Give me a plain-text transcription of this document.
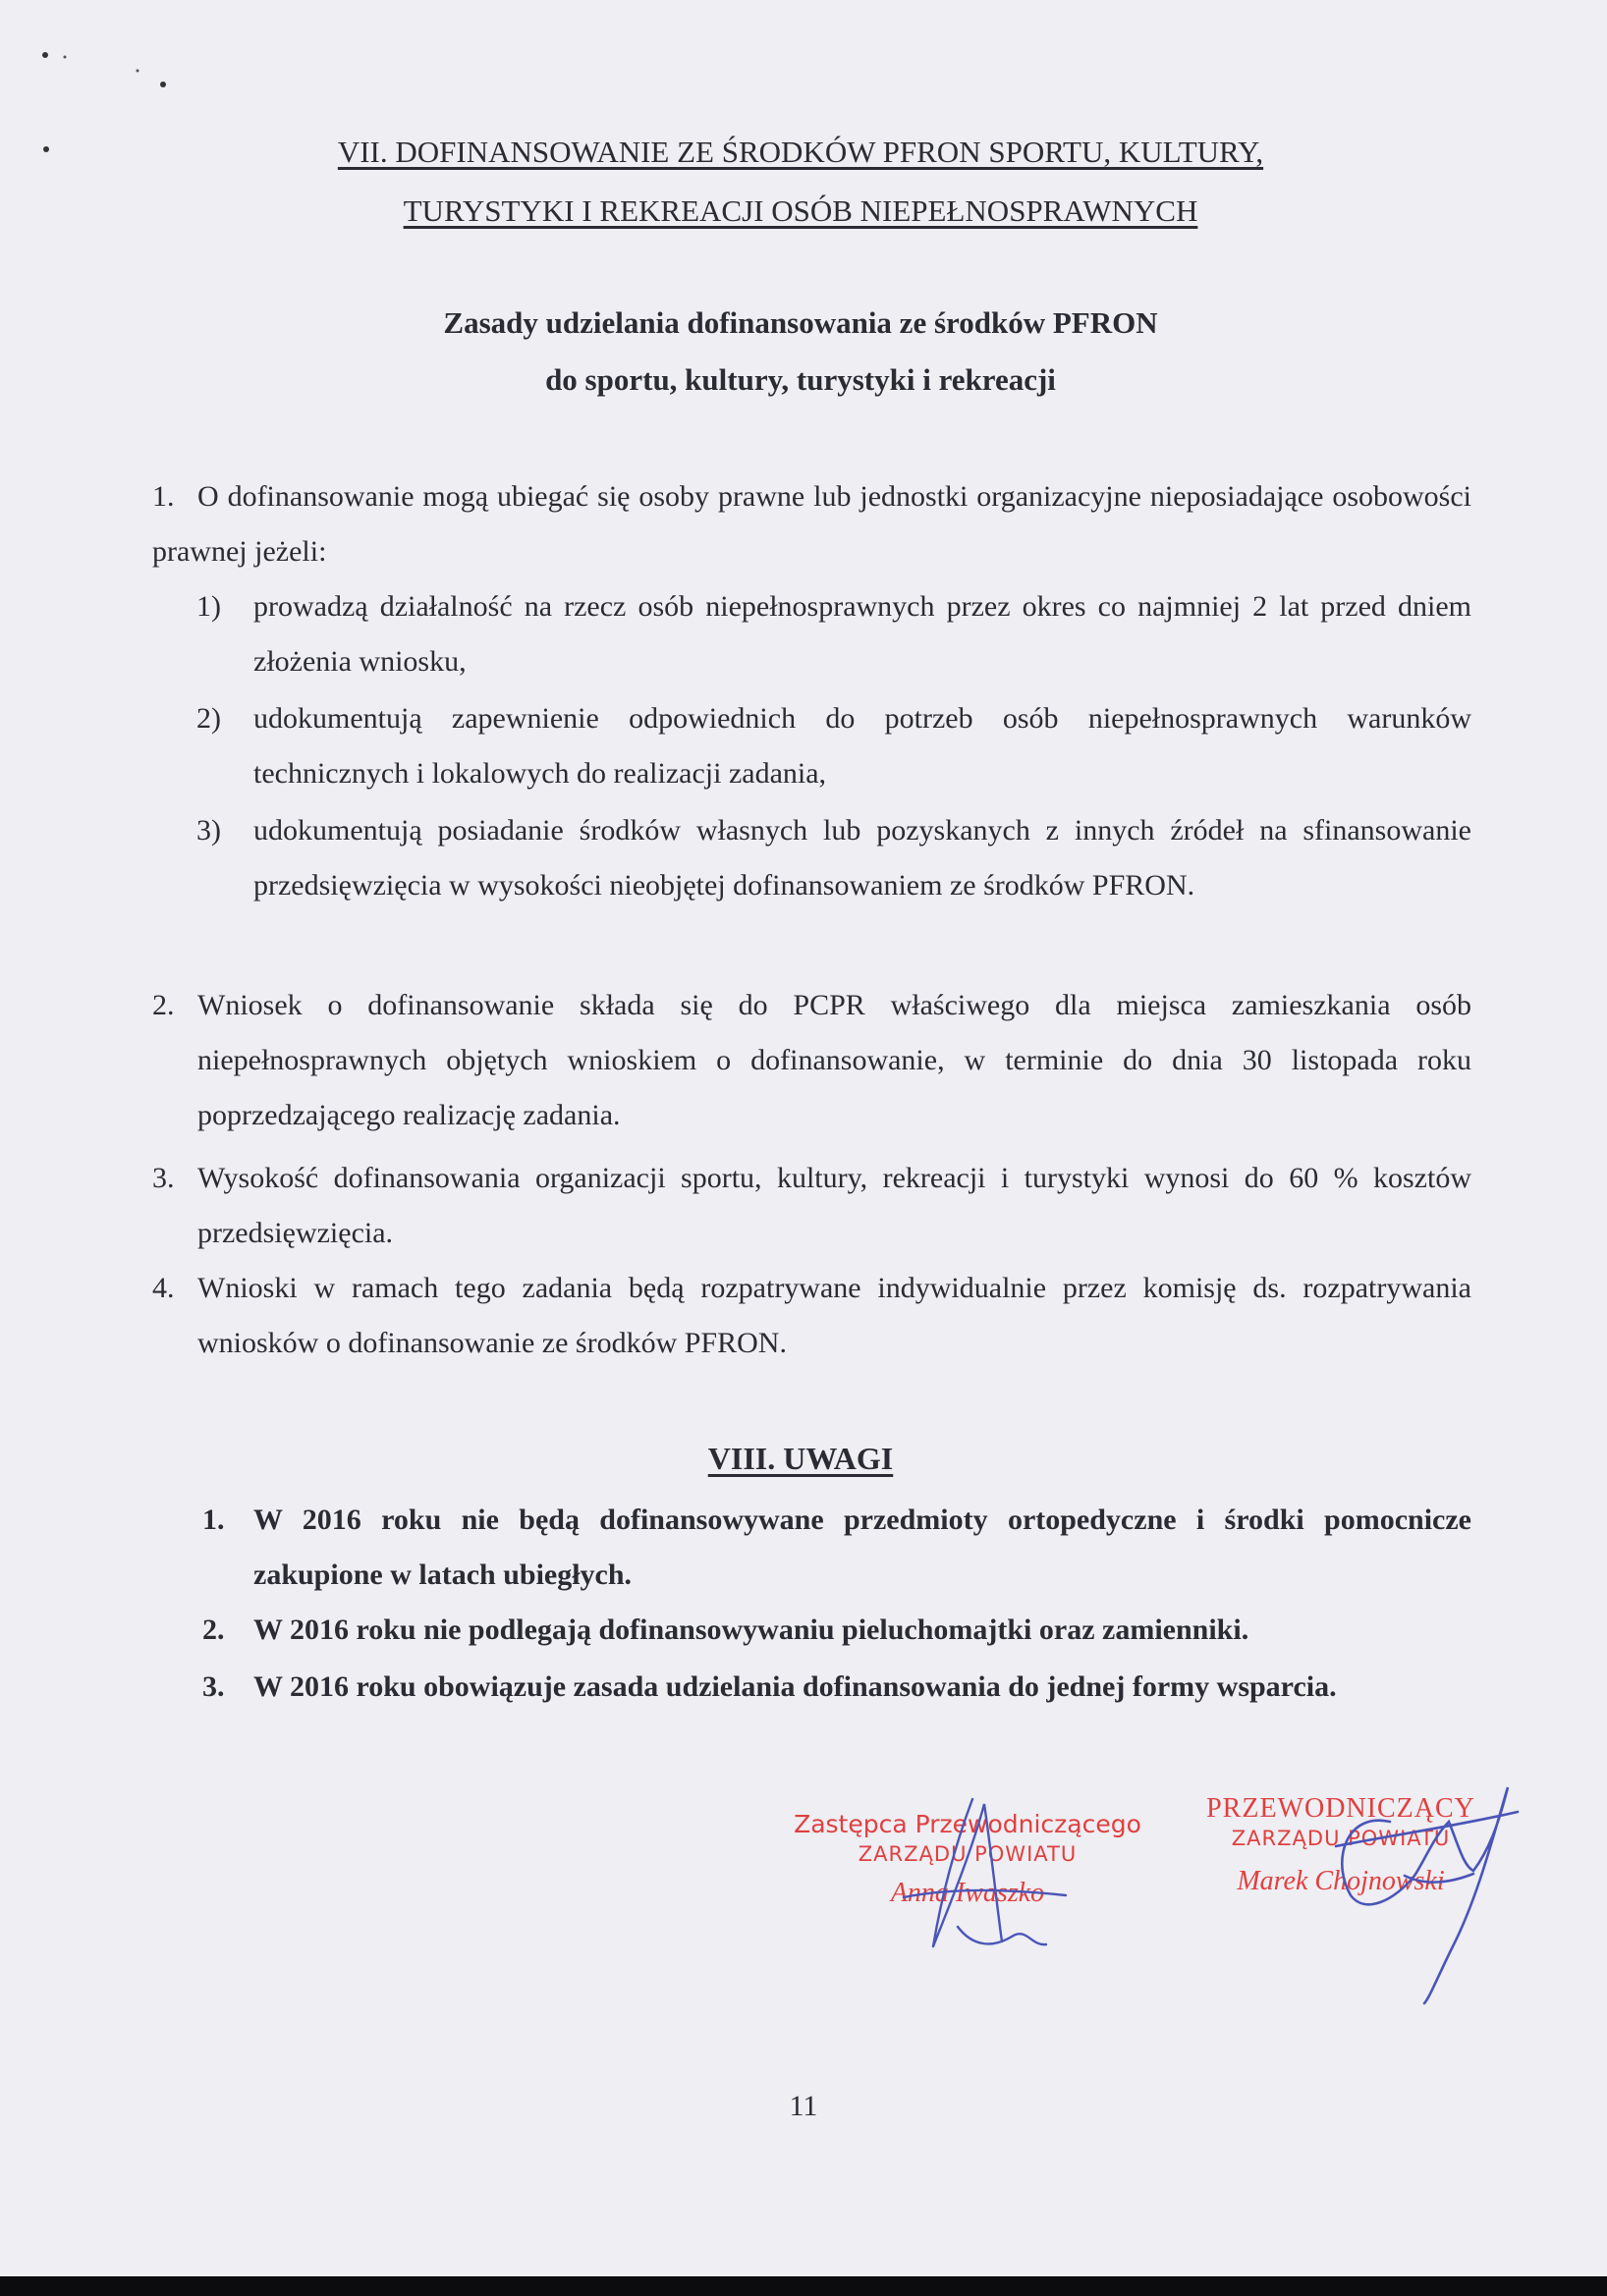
VII. DOFINANSOWANIE ZE ŚRODKÓW PFRON SPORTU, KULTURY,
TURYSTYKI I REKREACJI OSÓB NIEPEŁNOSPRAWNYCH
Zasady udzielania dofinansowania ze środków PFRON
do sportu, kultury, turystyki i rekreacji
1. O dofinansowanie mogą ubiegać się osoby prawne lub jednostki organizacyjne nieposiadające osobowości prawnej jeżeli:
1)	prowadzą działalność na rzecz osób niepełnosprawnych przez okres co najmniej 2 lat przed dniem złożenia wniosku,
2)	udokumentują zapewnienie odpowiednich do potrzeb osób niepełnosprawnych warunków technicznych i lokalowych do realizacji zadania,
3)	udokumentują posiadanie środków własnych lub pozyskanych z innych źródeł na sfinansowanie przedsięwzięcia w wysokości nieobjętej dofinansowaniem ze środków PFRON.
2. Wniosek o dofinansowanie składa się do PCPR właściwego dla miejsca zamieszkania osób niepełnosprawnych objętych wnioskiem o dofinansowanie, w terminie do dnia 30 listopada roku poprzedzającego realizację zadania.
3. Wysokość dofinansowania organizacji sportu, kultury, rekreacji i turystyki wynosi do 60 % kosztów przedsięwzięcia.
4. Wnioski w ramach tego zadania będą rozpatrywane indywidualnie przez komisję ds. rozpatrywania wniosków o dofinansowanie ze środków PFRON.
VIII. UWAGI
1. W 2016 roku nie będą dofinansowywane przedmioty ortopedyczne i środki pomocnicze zakupione w latach ubiegłych.
2. W 2016 roku nie podlegają dofinansowywaniu pieluchomajtki oraz zamienniki.
3. W 2016 roku obowiązuje zasada udzielania dofinansowania do jednej formy wsparcia.
Zastępca Przewodniczącego
ZARZĄDU POWIATU
Anna Iwaszko
PRZEWODNICZĄCY
ZARZĄDU POWIATU
Marek Chojnowski
11
